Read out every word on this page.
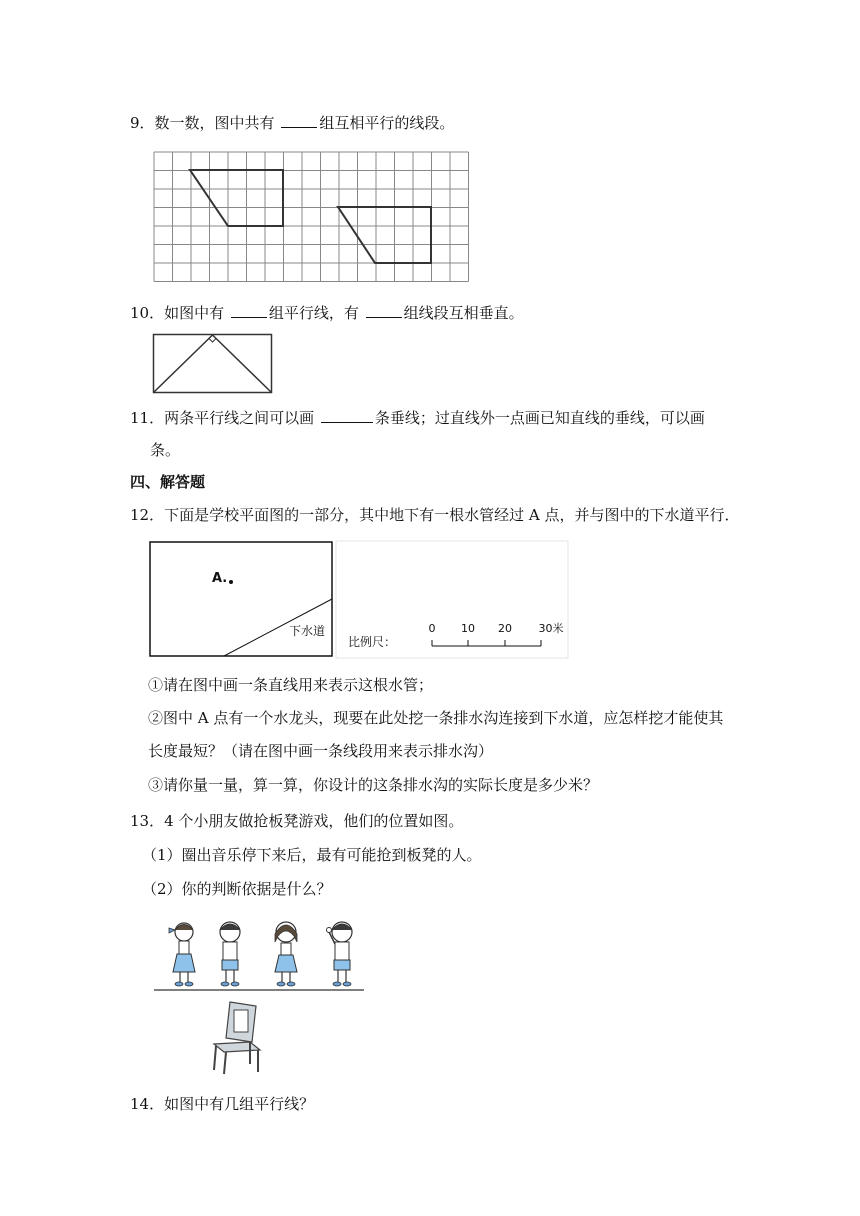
9．数一数，图中共有	组互相平行的线段。
10．如图中有	组平行线，有	组线段互相垂直。
11．两条平行线之间可以画	条垂线；过直线外一点画已知直线的垂线，可以画
条。
四、解答题
12．下面是学校平面图的一部分，其中地下有一根水管经过 A 点，并与图中的下水道平行．
A.
下水道
比例尺：
0 10 20 30米
①请在图中画一条直线用来表示这根水管；
②图中 A 点有一个水龙头，现要在此处挖一条排水沟连接到下水道，应怎样挖才能使其
长度最短？（请在图中画一条线段用来表示排水沟）
③请你量一量，算一算，你设计的这条排水沟的实际长度是多少米？
13．4 个小朋友做抢板凳游戏，他们的位置如图。
（1）圈出音乐停下来后，最有可能抢到板凳的人。
（2）你的判断依据是什么？
14．如图中有几组平行线？
